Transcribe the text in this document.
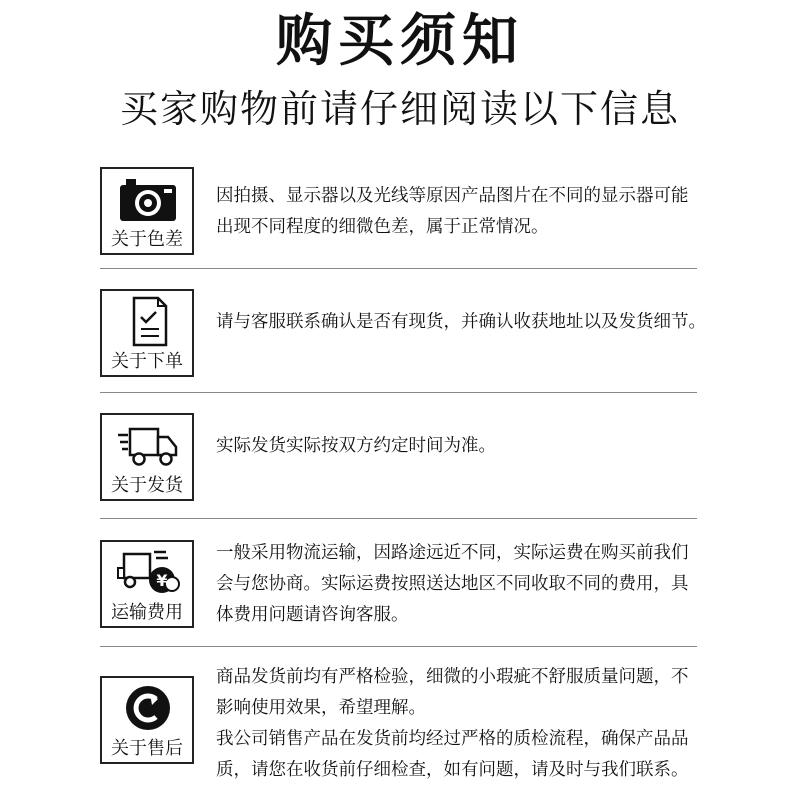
购买须知
买家购物前请仔细阅读以下信息
关于色差
因拍摄、显示器以及光线等原因产品图片在不同的显示器可能
出现不同程度的细微色差，属于正常情况。
关于下单
请与客服联系确认是否有现货，并确认收获地址以及发货细节。
关于发货
实际发货实际按双方约定时间为准。
¥
运输费用
一般采用物流运输，因路途远近不同，实际运费在购买前我们
会与您协商。实际运费按照送达地区不同收取不同的费用，具
体费用问题请咨询客服。
关于售后
商品发货前均有严格检验，细微的小瑕疵不舒服质量问题，不
影响使用效果，希望理解。
我公司销售产品在发货前均经过严格的质检流程，确保产品品
质，请您在收货前仔细检查，如有问题，请及时与我们联系。
